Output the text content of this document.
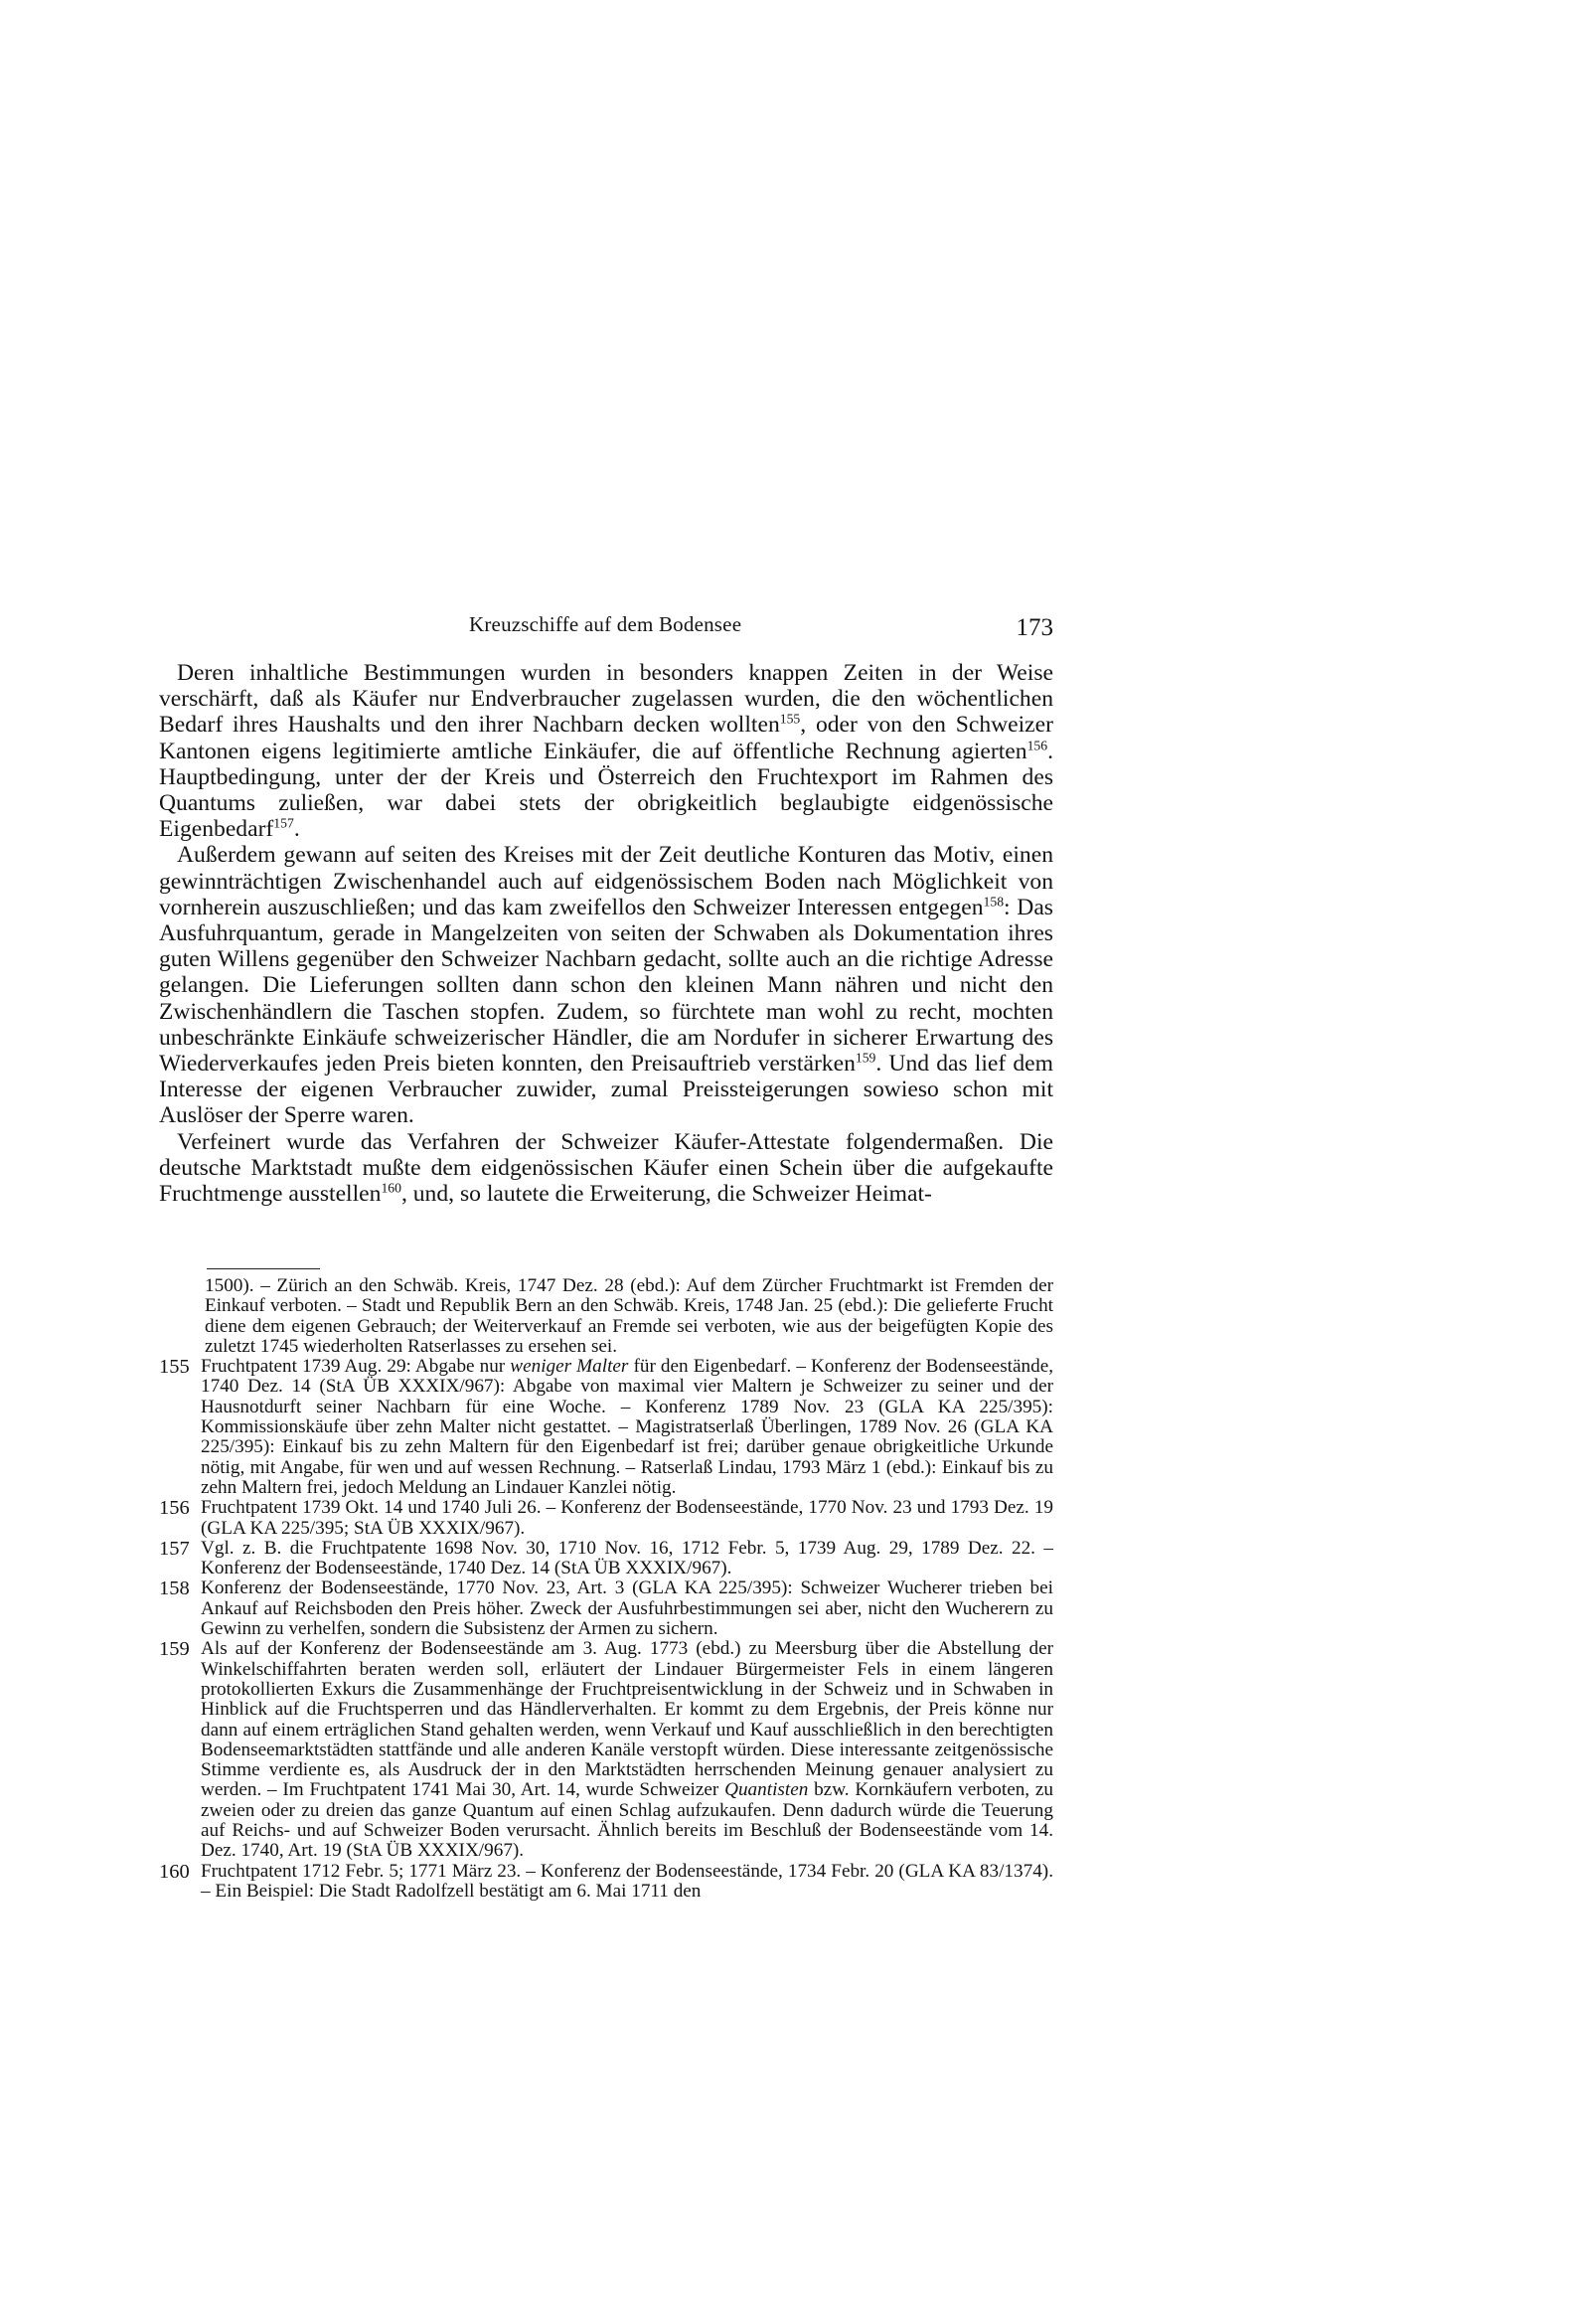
Kreuzschiffe auf dem Bodensee	173

Deren inhaltliche Bestimmungen wurden in besonders knappen Zeiten in der Weise verschärft, daß als Käufer nur Endverbraucher zugelassen wurden, die den wöchentlichen Bedarf ihres Haushalts und den ihrer Nachbarn decken wollten$^{155}$, oder von den Schweizer Kantonen eigens legitimierte amtliche Einkäufer, die auf öffentliche Rechnung agierten$^{156}$. Hauptbedingung, unter der der Kreis und Österreich den Fruchtexport im Rahmen des Quantums zuließen, war dabei stets der obrigkeitlich beglaubigte eidgenössische Eigenbedarf$^{157}$.

Außerdem gewann auf seiten des Kreises mit der Zeit deutliche Konturen das Motiv, einen gewinnträchtigen Zwischenhandel auch auf eidgenössischem Boden nach Möglichkeit von vornherein auszuschließen; und das kam zweifellos den Schweizer Interessen entgegen$^{158}$: Das Ausfuhrquantum, gerade in Mangelzeiten von seiten der Schwaben als Dokumentation ihres guten Willens gegenüber den Schweizer Nachbarn gedacht, sollte auch an die richtige Adresse gelangen. Die Lieferungen sollten dann schon den kleinen Mann nähren und nicht den Zwischenhändlern die Taschen stopfen. Zudem, so fürchtete man wohl zu recht, mochten unbeschränkte Einkäufe schweizerischer Händler, die am Nordufer in sicherer Erwartung des Wiederverkaufes jeden Preis bieten konnten, den Preisauftrieb verstärken$^{159}$. Und das lief dem Interesse der eigenen Verbraucher zuwider, zumal Preissteigerungen sowieso schon mit Auslöser der Sperre waren.

Verfeinert wurde das Verfahren der Schweizer Käufer-Attestate folgendermaßen. Die deutsche Marktstadt mußte dem eidgenössischen Käufer einen Schein über die aufgekaufte Fruchtmenge ausstellen$^{160}$, und, so lautete die Erweiterung, die Schweizer Heimat-

1500). – Zürich an den Schwäb. Kreis, 1747 Dez. 28 (ebd.): Auf dem Zürcher Fruchtmarkt ist Fremden der Einkauf verboten. – Stadt und Republik Bern an den Schwäb. Kreis, 1748 Jan. 25 (ebd.): Die gelieferte Frucht diene dem eigenen Gebrauch; der Weiterverkauf an Fremde sei verboten, wie aus der beigefügten Kopie des zuletzt 1745 wiederholten Ratserlasses zu ersehen sei.
155 Fruchtpatent 1739 Aug. 29: Abgabe nur weniger Malter für den Eigenbedarf. – Konferenz der Bodenseestände, 1740 Dez. 14 (StA ÜB XXXIX/967): Abgabe von maximal vier Maltern je Schweizer zu seiner und der Hausnotdurft seiner Nachbarn für eine Woche. – Konferenz 1789 Nov. 23 (GLA KA 225/395): Kommissionskäufe über zehn Malter nicht gestattet. – Magistratserlaß Überlingen, 1789 Nov. 26 (GLA KA 225/395): Einkauf bis zu zehn Maltern für den Eigenbedarf ist frei; darüber genaue obrigkeitliche Urkunde nötig, mit Angabe, für wen und auf wessen Rechnung. – Ratserlaß Lindau, 1793 März 1 (ebd.): Einkauf bis zu zehn Maltern frei, jedoch Meldung an Lindauer Kanzlei nötig.
156 Fruchtpatent 1739 Okt. 14 und 1740 Juli 26. – Konferenz der Bodenseestände, 1770 Nov. 23 und 1793 Dez. 19 (GLA KA 225/395; StA ÜB XXXIX/967).
157 Vgl. z. B. die Fruchtpatente 1698 Nov. 30, 1710 Nov. 16, 1712 Febr. 5, 1739 Aug. 29, 1789 Dez. 22. – Konferenz der Bodenseestände, 1740 Dez. 14 (StA ÜB XXXIX/967).
158 Konferenz der Bodenseestände, 1770 Nov. 23, Art. 3 (GLA KA 225/395): Schweizer Wucherer trieben bei Ankauf auf Reichsboden den Preis höher. Zweck der Ausfuhrbestimmungen sei aber, nicht den Wucherern zu Gewinn zu verhelfen, sondern die Subsistenz der Armen zu sichern.
159 Als auf der Konferenz der Bodenseestände am 3. Aug. 1773 (ebd.) zu Meersburg über die Abstellung der Winkelschiffahrten beraten werden soll, erläutert der Lindauer Bürgermeister Fels in einem längeren protokollierten Exkurs die Zusammenhänge der Fruchtpreisentwicklung in der Schweiz und in Schwaben in Hinblick auf die Fruchtsperren und das Händlerverhalten. Er kommt zu dem Ergebnis, der Preis könne nur dann auf einem erträglichen Stand gehalten werden, wenn Verkauf und Kauf ausschließlich in den berechtigten Bodenseemarktstädten stattfände und alle anderen Kanäle verstopft würden. Diese interessante zeitgenössische Stimme verdiente es, als Ausdruck der in den Marktstädten herrschenden Meinung genauer analysiert zu werden. – Im Fruchtpatent 1741 Mai 30, Art. 14, wurde Schweizer Quantisten bzw. Kornkäufern verboten, zu zweien oder zu dreien das ganze Quantum auf einen Schlag aufzukaufen. Denn dadurch würde die Teuerung auf Reichs- und auf Schweizer Boden verursacht. Ähnlich bereits im Beschluß der Bodenseestände vom 14. Dez. 1740, Art. 19 (StA ÜB XXXIX/967).
160 Fruchtpatent 1712 Febr. 5; 1771 März 23. – Konferenz der Bodenseestände, 1734 Febr. 20 (GLA KA 83/1374). – Ein Beispiel: Die Stadt Radolfzell bestätigt am 6. Mai 1711 den
